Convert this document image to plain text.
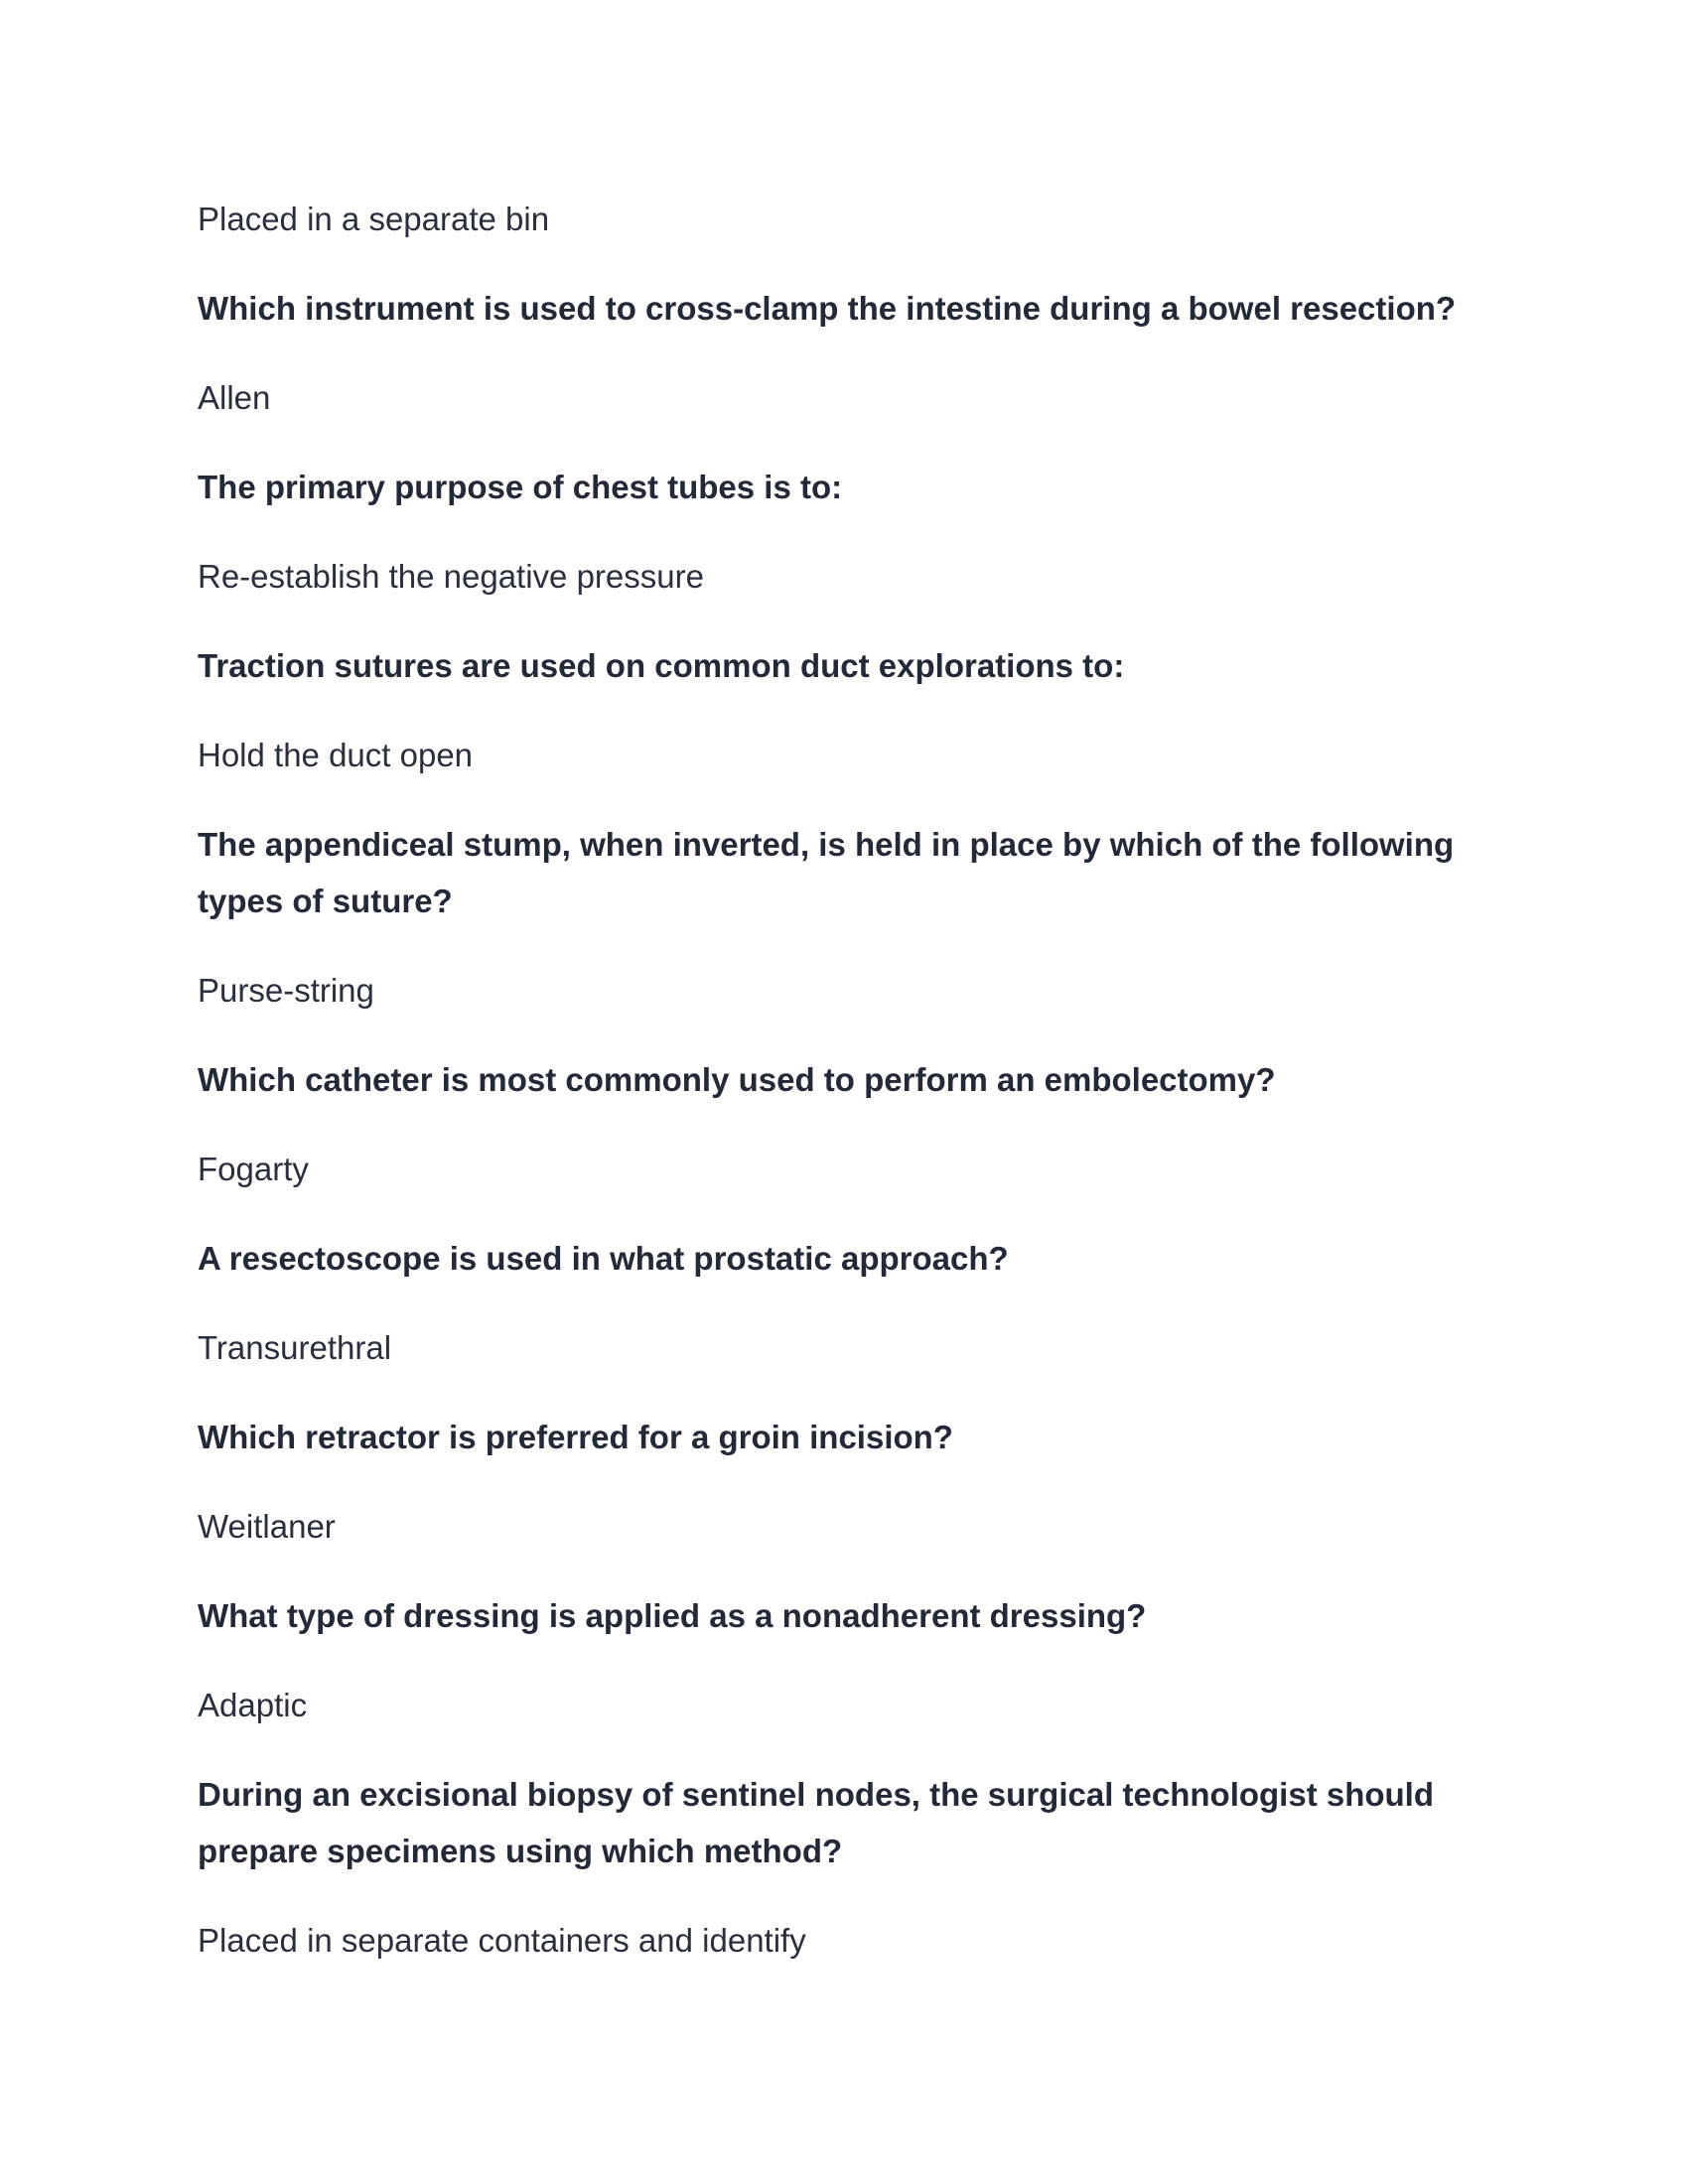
Placed in a separate bin

Which instrument is used to cross-clamp the intestine during a bowel resection?

Allen

The primary purpose of chest tubes is to:

Re-establish the negative pressure

Traction sutures are used on common duct explorations to:

Hold the duct open

The appendiceal stump, when inverted, is held in place by which of the following types of suture?

Purse-string

Which catheter is most commonly used to perform an embolectomy?

Fogarty

A resectoscope is used in what prostatic approach?

Transurethral

Which retractor is preferred for a groin incision?

Weitlaner

What type of dressing is applied as a nonadherent dressing?

Adaptic

During an excisional biopsy of sentinel nodes, the surgical technologist should prepare specimens using which method?

Placed in separate containers and identify
